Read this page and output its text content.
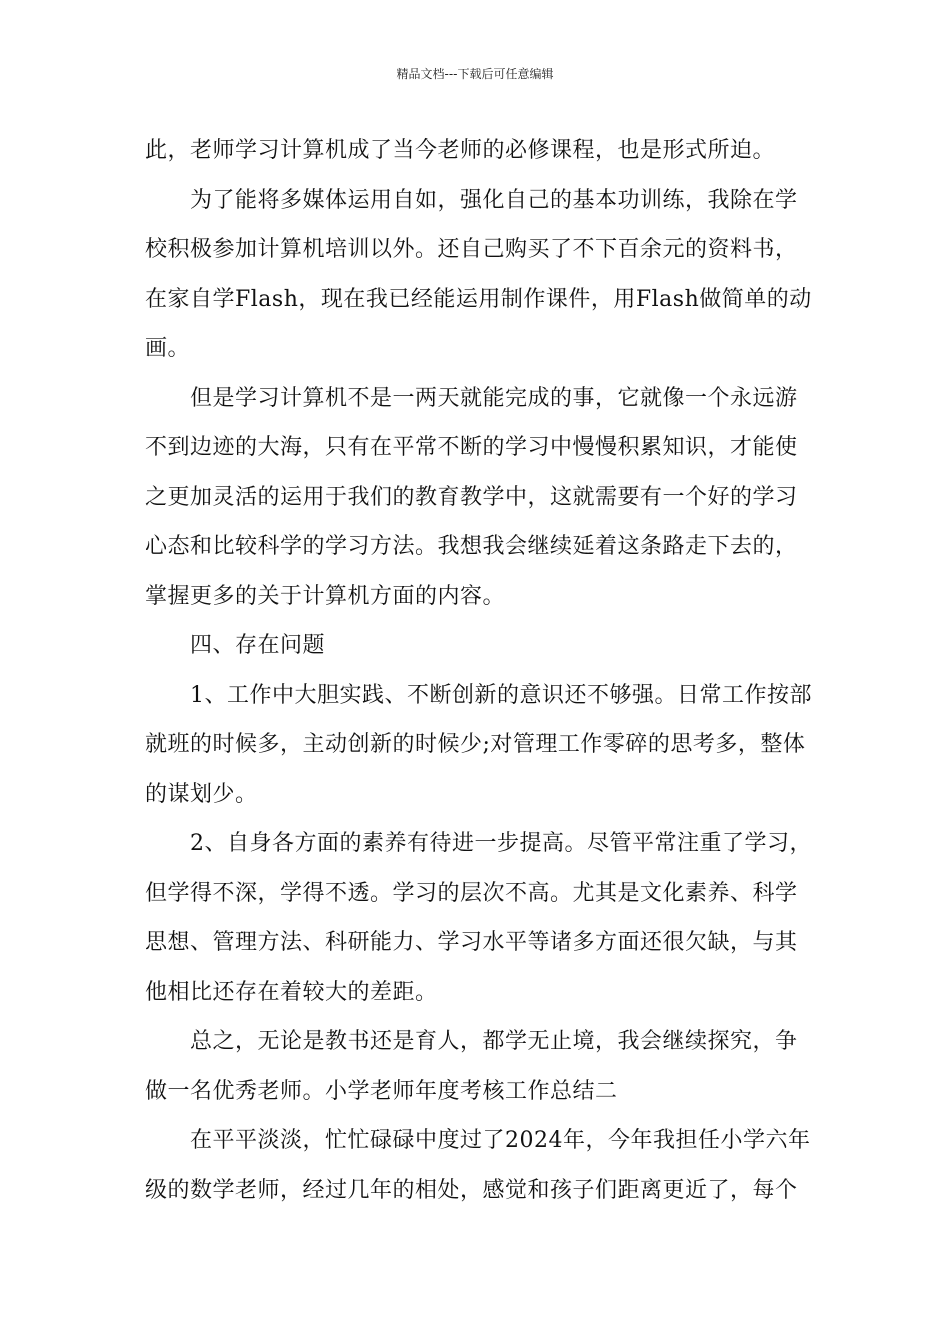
精品文档---下载后可任意编辑

此，老师学习计算机成了当今老师的必修课程，也是形式所迫。

为了能将多媒体运用自如，强化自己的基本功训练，我除在学

校积极参加计算机培训以外。还自己购买了不下百余元的资料书，

在家自学Flash，现在我已经能运用制作课件，用Flash做简单的动

画。

但是学习计算机不是一两天就能完成的事，它就像一个永远游

不到边迹的大海，只有在平常不断的学习中慢慢积累知识，才能使

之更加灵活的运用于我们的教育教学中，这就需要有一个好的学习

心态和比较科学的学习方法。我想我会继续延着这条路走下去的，

掌握更多的关于计算机方面的内容。

四、存在问题

1、工作中大胆实践、不断创新的意识还不够强。日常工作按部

就班的时候多，主动创新的时候少;对管理工作零碎的思考多，整体

的谋划少。

2、自身各方面的素养有待进一步提高。尽管平常注重了学习，

但学得不深，学得不透。学习的层次不高。尤其是文化素养、科学

思想、管理方法、科研能力、学习水平等诸多方面还很欠缺，与其

他相比还存在着较大的差距。

总之，无论是教书还是育人，都学无止境，我会继续探究，争

做一名优秀老师。小学老师年度考核工作总结二

在平平淡淡，忙忙碌碌中度过了2024年，今年我担任小学六年

级的数学老师，经过几年的相处，感觉和孩子们距离更近了，每个
